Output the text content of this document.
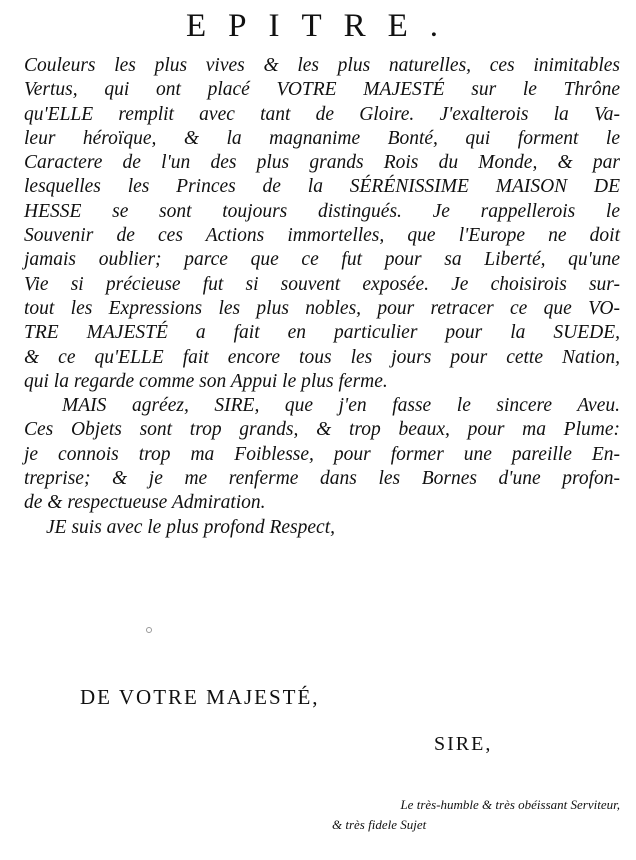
EPITRE.
Couleurs les plus vives & les plus naturelles, ces inimitables
Vertus, qui ont placé VOTRE MAJESTÉ sur le Thrône
qu'ELLE remplit avec tant de Gloire. J'exalterois la Va-
leur héroïque, & la magnanime Bonté, qui forment le
Caractere de l'un des plus grands Rois du Monde, & par
lesquelles les Princes de la SÉRÉNISSIME MAISON DE
HESSE se sont toujours distingués. Je rappellerois le
Souvenir de ces Actions immortelles, que l'Europe ne doit
jamais oublier; parce que ce fut pour sa Liberté, qu'une
Vie si précieuse fut si souvent exposée. Je choisirois sur-
tout les Expressions les plus nobles, pour retracer ce que VO-
TRE MAJESTÉ a fait en particulier pour la SUEDE,
& ce qu'ELLE fait encore tous les jours pour cette Nation,
qui la regarde comme son Appui le plus ferme.
MAIS agréez, SIRE, que j'en fasse le sincere Aveu.
Ces Objets sont trop grands, & trop beaux, pour ma Plume:
je connois trop ma Foiblesse, pour former une pareille En-
treprise; & je me renferme dans les Bornes d'une profon-
de & respectueuse Admiration.
JE suis avec le plus profond Respect,
DE VOTRE MAJESTÉ,
SIRE,
Le très-humble & très obéissant Serviteur,
& très fidele Sujet
